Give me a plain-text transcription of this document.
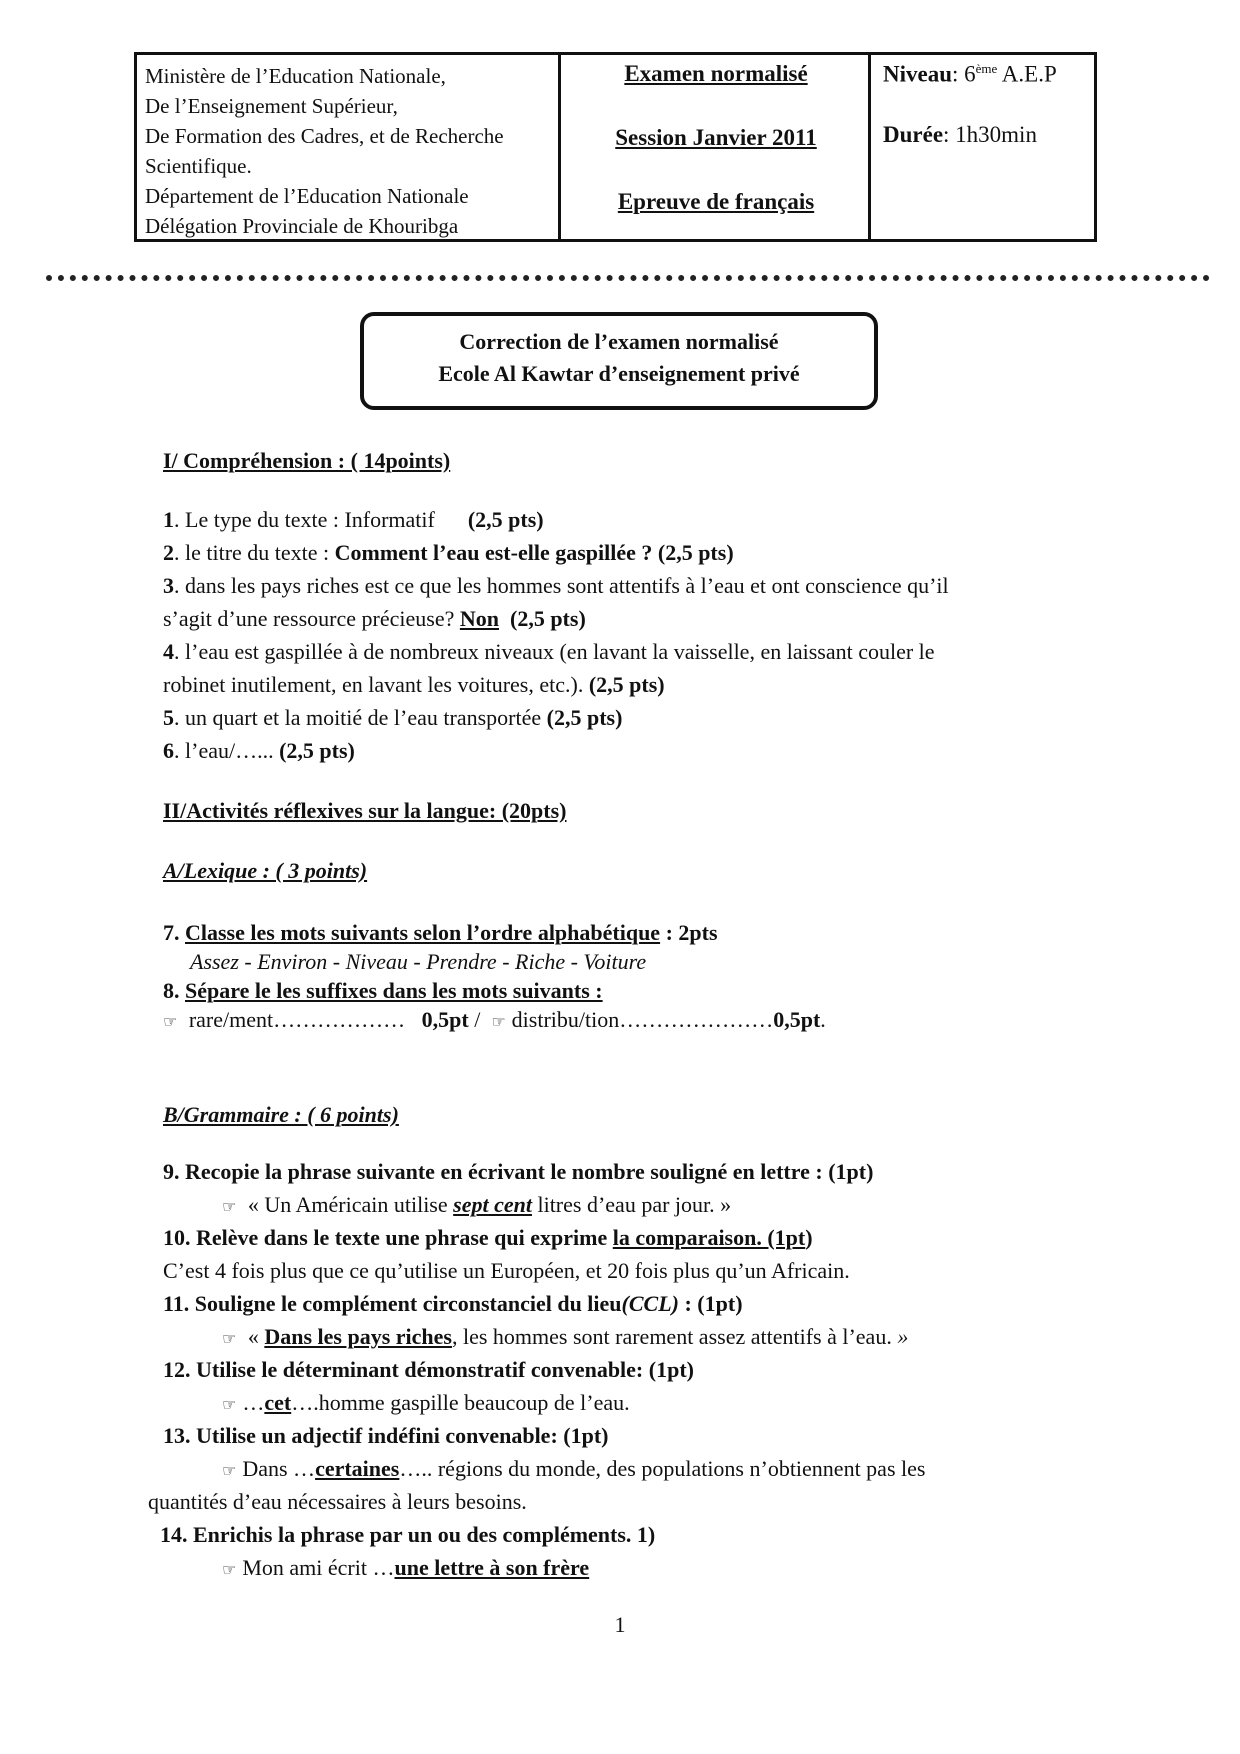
Ministère de l’Education Nationale,
De l’Enseignement Supérieur,
De Formation des Cadres, et de Recherche
Scientifique.
Département de l’Education Nationale
Délégation Provinciale de Khouribga
Examen normalisé
Session Janvier 2011
Epreuve de français
Niveau: 6ème A.E.P
Durée: 1h30min
Correction de l’examen normalisé
Ecole Al Kawtar d’enseignement privé
I/ Compréhension : ( 14points)
1. Le type du texte : Informatif (2,5 pts)
2. le titre du texte : Comment l’eau est-elle gaspillée ? (2,5 pts)
3. dans les pays riches est ce que les hommes sont attentifs à l’eau et ont conscience qu’il
s’agit d’une ressource précieuse? Non (2,5 pts)
4. l’eau est gaspillée à de nombreux niveaux (en lavant la vaisselle, en laissant couler le
robinet inutilement, en lavant les voitures, etc.). (2,5 pts)
5. un quart et la moitié de l’eau transportée (2,5 pts)
6. l’eau/…... (2,5 pts)
II/Activités réflexives sur la langue: (20pts)
A/Lexique : ( 3 points)
7. Classe les mots suivants selon l’ordre alphabétique : 2pts
Assez - Environ - Niveau - Prendre - Riche - Voiture
8. Sépare le les suffixes dans les mots suivants :
☞ rare/ment……………… 0,5pt / ☞ distribu/tion…………………0,5pt.
B/Grammaire : ( 6 points)
9. Recopie la phrase suivante en écrivant le nombre souligné en lettre : (1pt)
☞ « Un Américain utilise sept cent litres d’eau par jour. »
10. Relève dans le texte une phrase qui exprime la comparaison. (1pt)
C’est 4 fois plus que ce qu’utilise un Européen, et 20 fois plus qu’un Africain.
11. Souligne le complément circonstanciel du lieu(CCL) : (1pt)
☞ « Dans les pays riches, les hommes sont rarement assez attentifs à l’eau. »
12. Utilise le déterminant démonstratif convenable: (1pt)
☞ …cet….homme gaspille beaucoup de l’eau.
13. Utilise un adjectif indéfini convenable: (1pt)
☞ Dans …certaines….. régions du monde, des populations n’obtiennent pas les
quantités d’eau nécessaires à leurs besoins.
14. Enrichis la phrase par un ou des compléments. 1)
☞ Mon ami écrit …une lettre à son frère
1
